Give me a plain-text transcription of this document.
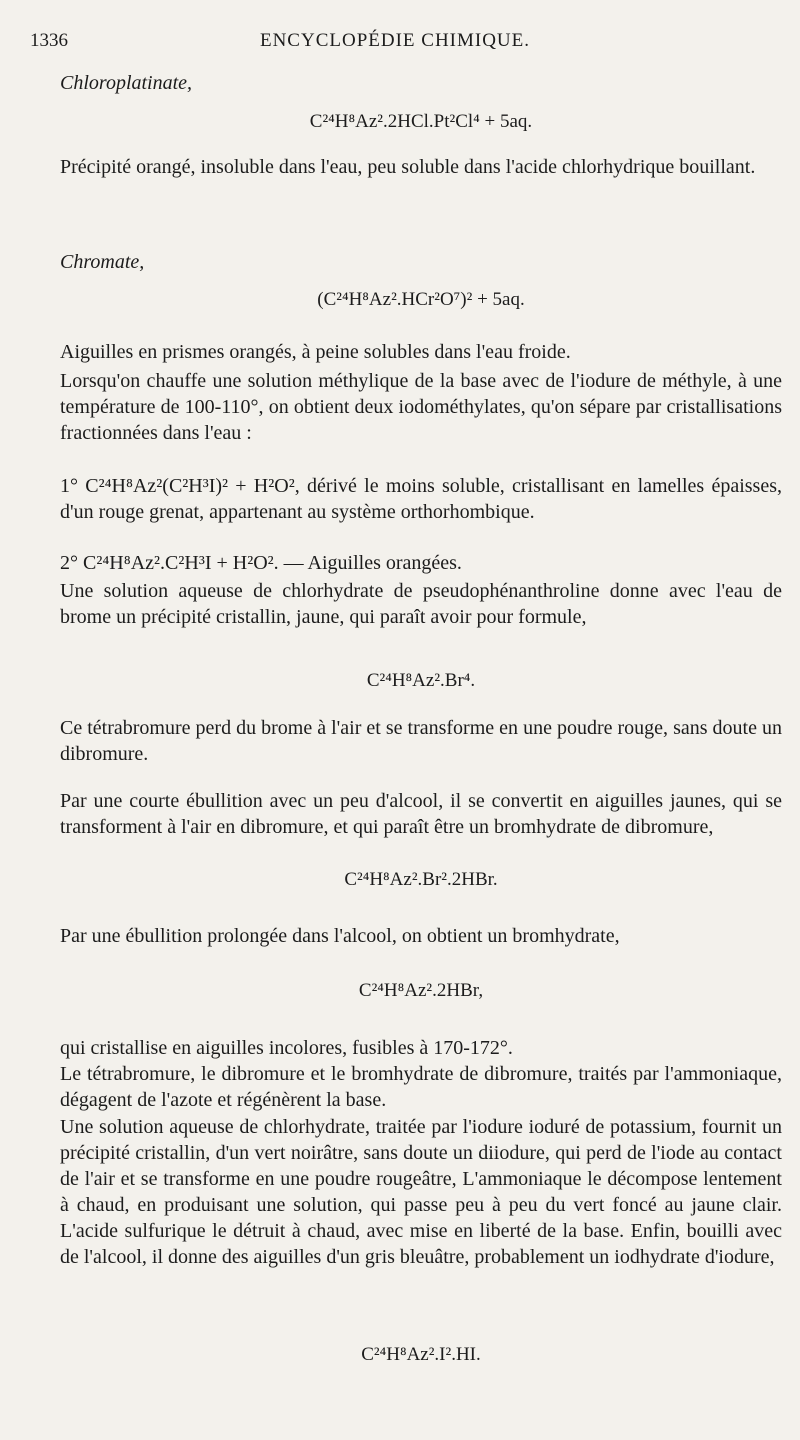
1336	ENCYCLOPÉDIE CHIMIQUE.
Chloroplatinate,
C²⁴H⁸Az².2HCl.Pt²Cl⁴ + 5aq.
Précipité orangé, insoluble dans l'eau, peu soluble dans l'acide chlorhydrique bouillant.
Chromate,
(C²⁴H⁸Az².HCr²O⁷)² + 5aq.
Aiguilles en prismes orangés, à peine solubles dans l'eau froide.
Lorsqu'on chauffe une solution méthylique de la base avec de l'iodure de méthyle, à une température de 100-110°, on obtient deux iodométhylates, qu'on sépare par cristallisations fractionnées dans l'eau :
1° C²⁴H⁸Az²(C²H³I)² + H²O², dérivé le moins soluble, cristallisant en lamelles épaisses, d'un rouge grenat, appartenant au système orthorhombique.
2° C²⁴H⁸Az².C²H³I + H²O². — Aiguilles orangées.
Une solution aqueuse de chlorhydrate de pseudophénanthroline donne avec l'eau de brome un précipité cristallin, jaune, qui paraît avoir pour formule,
C²⁴H⁸Az².Br⁴.
Ce tétrabromure perd du brome à l'air et se transforme en une poudre rouge, sans doute un dibromure.
Par une courte ébullition avec un peu d'alcool, il se convertit en aiguilles jaunes, qui se transforment à l'air en dibromure, et qui paraît être un bromhydrate de dibromure,
C²⁴H⁸Az².Br².2HBr.
Par une ébullition prolongée dans l'alcool, on obtient un bromhydrate,
C²⁴H⁸Az².2HBr,
qui cristallise en aiguilles incolores, fusibles à 170-172°.
Le tétrabromure, le dibromure et le bromhydrate de dibromure, traités par l'ammoniaque, dégagent de l'azote et régénèrent la base.
Une solution aqueuse de chlorhydrate, traitée par l'iodure ioduré de potassium, fournit un précipité cristallin, d'un vert noirâtre, sans doute un diiodure, qui perd de l'iode au contact de l'air et se transforme en une poudre rougeâtre, L'ammoniaque le décompose lentement à chaud, en produisant une solution, qui passe peu à peu du vert foncé au jaune clair. L'acide sulfurique le détruit à chaud, avec mise en liberté de la base. Enfin, bouilli avec de l'alcool, il donne des aiguilles d'un gris bleuâtre, probablement un iodhydrate d'iodure,
C²⁴H⁸Az².I².HI.
